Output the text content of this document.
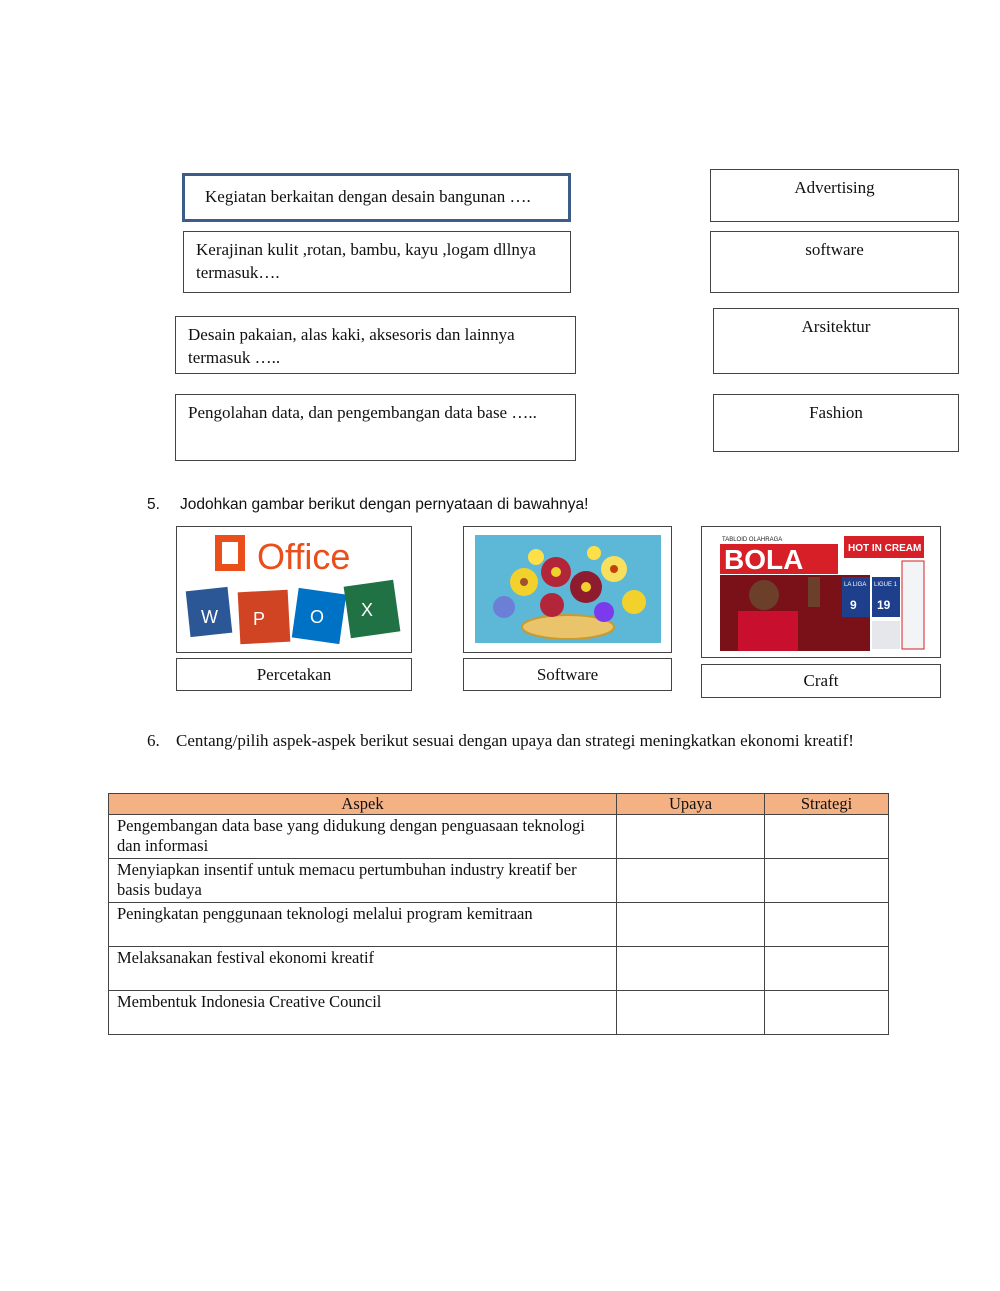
Kegiatan berkaitan dengan desain bangunan ….
Kerajinan kulit ,rotan, bambu, kayu ,logam dllnya termasuk….
Desain pakaian, alas kaki, aksesoris dan lainnya termasuk …..
Pengolahan data, dan pengembangan data base …..
Advertising
software
Arsitektur
Fashion
5. Jodohkan gambar berikut dengan pernyataan di bawahnya!
Office
W P O X
TABLOID OLAHRAGA
BOLA	HOT IN CREAM
LA LIGA
9
LIGUE 1
19
Percetakan	Software	Craft
6. Centang/pilih aspek-aspek berikut sesuai dengan upaya dan strategi meningkatkan ekonomi kreatif!
Aspek	Upaya	Strategi
Pengembangan data base yang didukung dengan penguasaan teknologi dan informasi		
Menyiapkan insentif untuk memacu pertumbuhan industry kreatif ber basis budaya		
Peningkatan penggunaan teknologi melalui program kemitraan		
Melaksanakan festival ekonomi kreatif		
Membentuk Indonesia Creative Council		
